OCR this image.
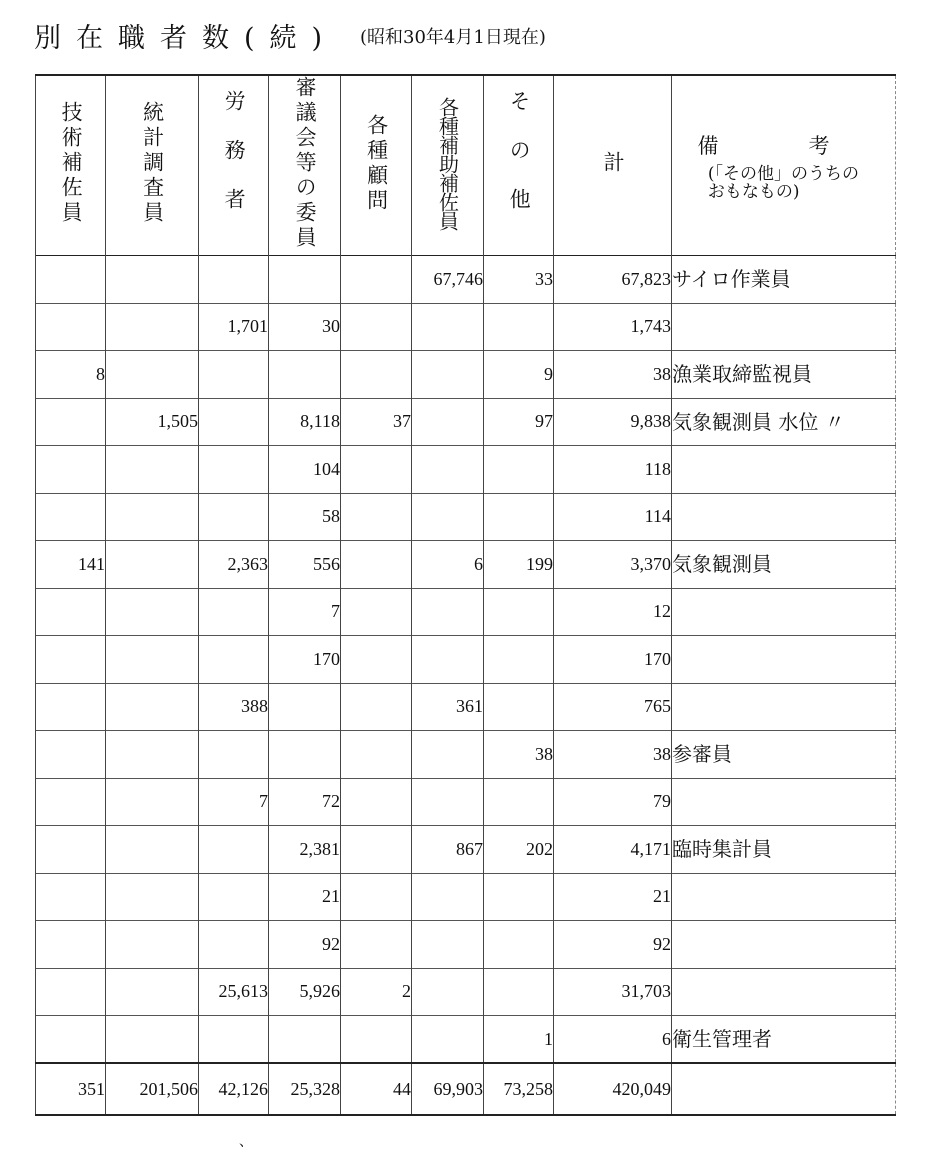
別在職者数(続) (昭和30年4月1日現在)
技術補佐員	統計調査員	労務者	審議会等の委員	各種顧問	各種補助補佐員	その他	計	備考
(「その他」のうちの
おもなもの)

					67,746	33	67,823	サイロ作業員
		1,701	30				1,743	
8						9	38	漁業取締監視員
	1,505		8,118	37		97	9,838	気象観測員 水位 〃
			104				118	
			58				114	
141		2,363	556		6	199	3,370	気象観測員
			7				12	
			170				170	
		388			361		765	
						38	38	参審員
		7	72				79	
			2,381		867	202	4,171	臨時集計員
			21				21	
			92				92	
		25,613	5,926	2			31,703	
						1	6	衛生管理者
351	201,506	42,126	25,328	44	69,903	73,258	420,049	
、
